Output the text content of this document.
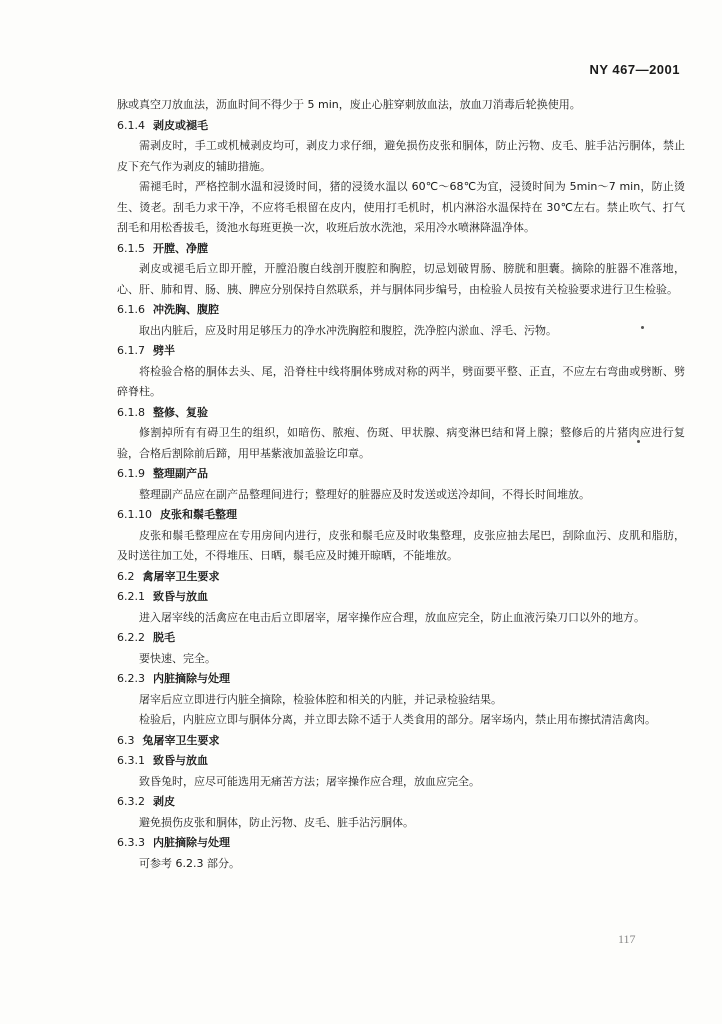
NY 467—2001

脉或真空刀放血法，沥血时间不得少于 5 min，废止心脏穿刺放血法，放血刀消毒后轮换使用。

6.1.4 剥皮或褪毛

需剥皮时，手工或机械剥皮均可，剥皮力求仔细，避免损伤皮张和胴体，防止污物、皮毛、脏手沾污胴体，禁止皮下充气作为剥皮的辅助措施。

需褪毛时，严格控制水温和浸烫时间，猪的浸烫水温以 60℃～68℃为宜，浸烫时间为 5min～7 min，防止烫生、烫老。刮毛力求干净，不应将毛根留在皮内，使用打毛机时，机内淋浴水温保持在 30℃左右。禁止吹气、打气刮毛和用松香拔毛，烫池水每班更换一次，收班后放水洗池，采用冷水喷淋降温净体。

6.1.5 开膛、净膛

剥皮或褪毛后立即开膛，开膛沿腹白线剖开腹腔和胸腔，切忌划破胃肠、膀胱和胆囊。摘除的脏器不准落地，心、肝、肺和胃、肠、胰、脾应分别保持自然联系，并与胴体同步编号，由检验人员按有关检验要求进行卫生检验。

6.1.6 冲洗胸、腹腔

取出内脏后，应及时用足够压力的净水冲洗胸腔和腹腔，洗净腔内淤血、浮毛、污物。

6.1.7 劈半

将检验合格的胴体去头、尾，沿脊柱中线将胴体劈成对称的两半，劈面要平整、正直，不应左右弯曲或劈断、劈碎脊柱。

6.1.8 整修、复验

修割掉所有有碍卫生的组织，如暗伤、脓疱、伤斑、甲状腺、病变淋巴结和肾上腺；整修后的片猪肉应进行复验，合格后割除前后蹄，用甲基紫液加盖验讫印章。

6.1.9 整理副产品

整理副产品应在副产品整理间进行；整理好的脏器应及时发送或送冷却间，不得长时间堆放。

6.1.10 皮张和鬃毛整理

皮张和鬃毛整理应在专用房间内进行，皮张和鬃毛应及时收集整理，皮张应抽去尾巴，刮除血污、皮肌和脂肪，及时送往加工处，不得堆压、日晒，鬃毛应及时摊开晾晒，不能堆放。

6.2 禽屠宰卫生要求
6.2.1 致昏与放血

进入屠宰线的活禽应在电击后立即屠宰，屠宰操作应合理，放血应完全，防止血液污染刀口以外的地方。

6.2.2 脱毛

要快速、完全。

6.2.3 内脏摘除与处理

屠宰后应立即进行内脏全摘除，检验体腔和相关的内脏，并记录检验结果。

检验后，内脏应立即与胴体分离，并立即去除不适于人类食用的部分。屠宰场内，禁止用布擦拭清洁禽肉。

6.3 兔屠宰卫生要求
6.3.1 致昏与放血

致昏兔时，应尽可能选用无痛苦方法；屠宰操作应合理，放血应完全。

6.3.2 剥皮

避免损伤皮张和胴体，防止污物、皮毛、脏手沾污胴体。

6.3.3 内脏摘除与处理

可参考 6.2.3 部分。

117
